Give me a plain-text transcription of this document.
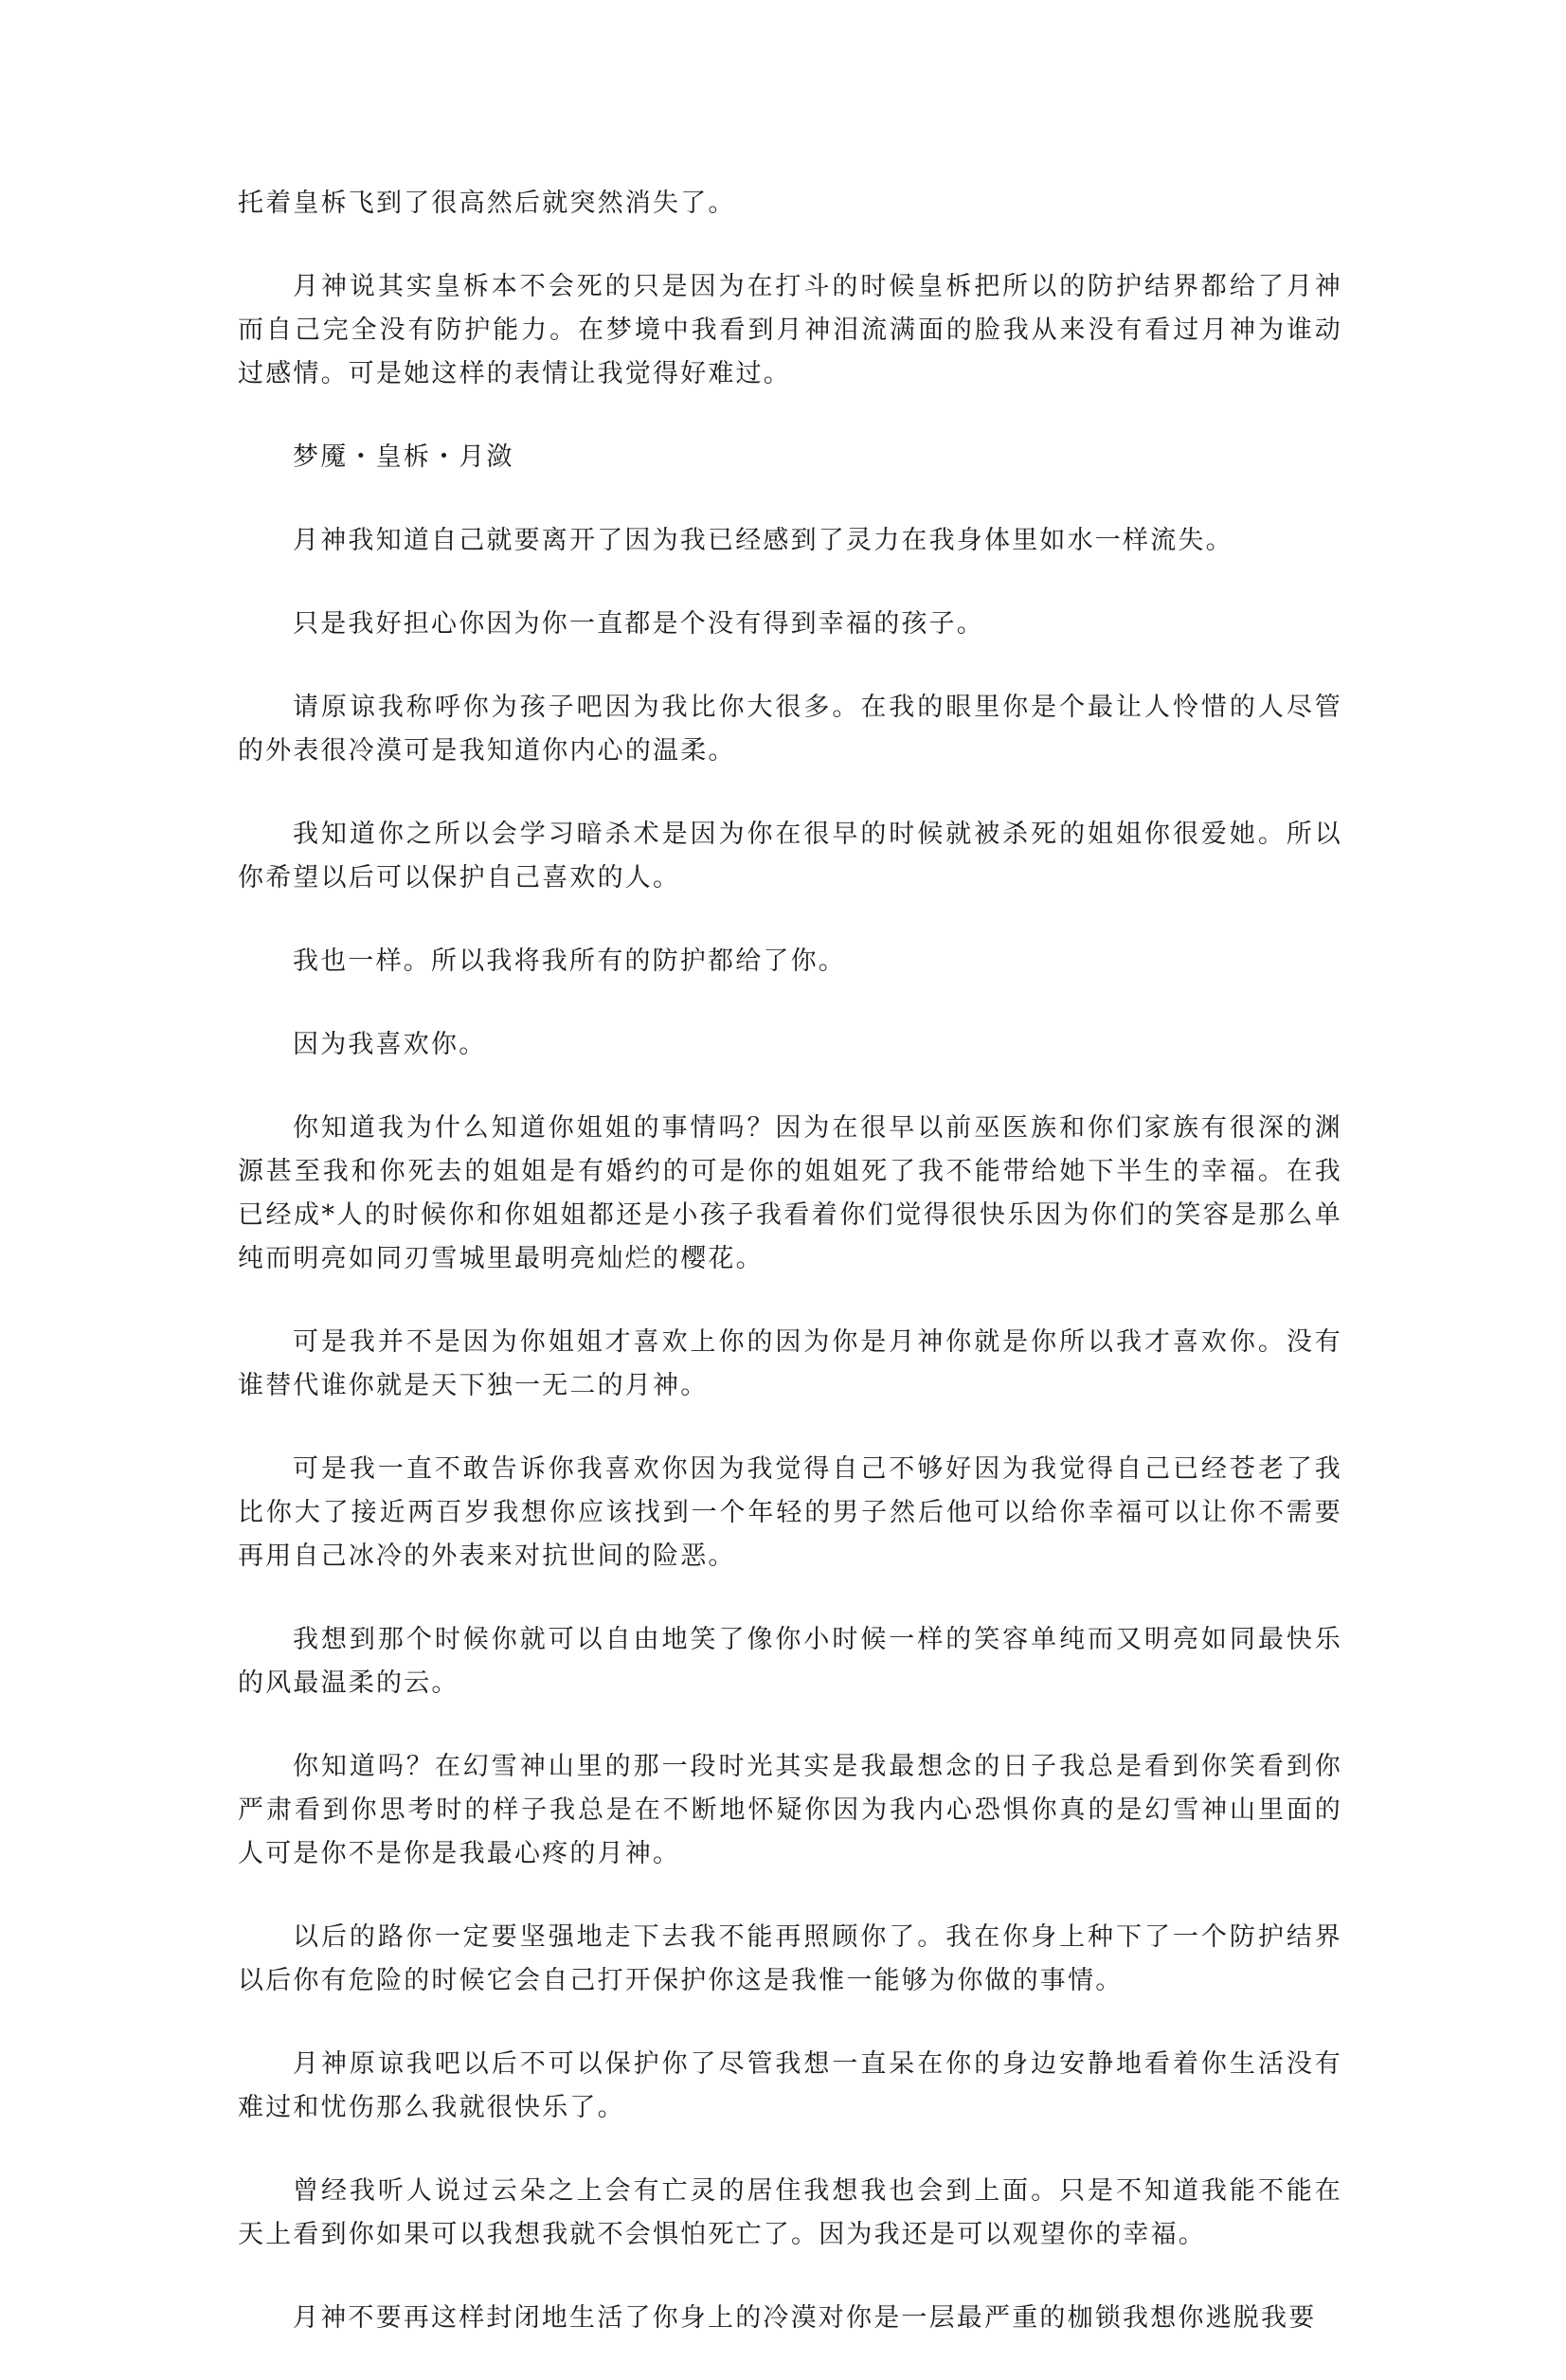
托着皇柝飞到了很高然后就突然消失了。

月神说其实皇柝本不会死的只是因为在打斗的时候皇柝把所以的防护结界都给了月神而自己完全没有防护能力。在梦境中我看到月神泪流满面的脸我从来没有看过月神为谁动过感情。可是她这样的表情让我觉得好难过。

梦魇・皇柝・月潋

月神我知道自己就要离开了因为我已经感到了灵力在我身体里如水一样流失。

只是我好担心你因为你一直都是个没有得到幸福的孩子。

请原谅我称呼你为孩子吧因为我比你大很多。在我的眼里你是个最让人怜惜的人尽管的外表很冷漠可是我知道你内心的温柔。

我知道你之所以会学习暗杀术是因为你在很早的时候就被杀死的姐姐你很爱她。所以你希望以后可以保护自己喜欢的人。

我也一样。所以我将我所有的防护都给了你。

因为我喜欢你。

你知道我为什么知道你姐姐的事情吗？因为在很早以前巫医族和你们家族有很深的渊源甚至我和你死去的姐姐是有婚约的可是你的姐姐死了我不能带给她下半生的幸福。在我已经成*人的时候你和你姐姐都还是小孩子我看着你们觉得很快乐因为你们的笑容是那么单纯而明亮如同刃雪城里最明亮灿烂的樱花。

可是我并不是因为你姐姐才喜欢上你的因为你是月神你就是你所以我才喜欢你。没有谁替代谁你就是天下独一无二的月神。

可是我一直不敢告诉你我喜欢你因为我觉得自己不够好因为我觉得自己已经苍老了我比你大了接近两百岁我想你应该找到一个年轻的男子然后他可以给你幸福可以让你不需要再用自己冰冷的外表来对抗世间的险恶。

我想到那个时候你就可以自由地笑了像你小时候一样的笑容单纯而又明亮如同最快乐的风最温柔的云。

你知道吗？在幻雪神山里的那一段时光其实是我最想念的日子我总是看到你笑看到你严肃看到你思考时的样子我总是在不断地怀疑你因为我内心恐惧你真的是幻雪神山里面的人可是你不是你是我最心疼的月神。

以后的路你一定要坚强地走下去我不能再照顾你了。我在你身上种下了一个防护结界以后你有危险的时候它会自己打开保护你这是我惟一能够为你做的事情。

月神原谅我吧以后不可以保护你了尽管我想一直呆在你的身边安静地看着你生活没有难过和忧伤那么我就很快乐了。

曾经我听人说过云朵之上会有亡灵的居住我想我也会到上面。只是不知道我能不能在天上看到你如果可以我想我就不会惧怕死亡了。因为我还是可以观望你的幸福。

月神不要再这样封闭地生活了你身上的冷漠对你是一层最严重的枷锁我想你逃脱我要
